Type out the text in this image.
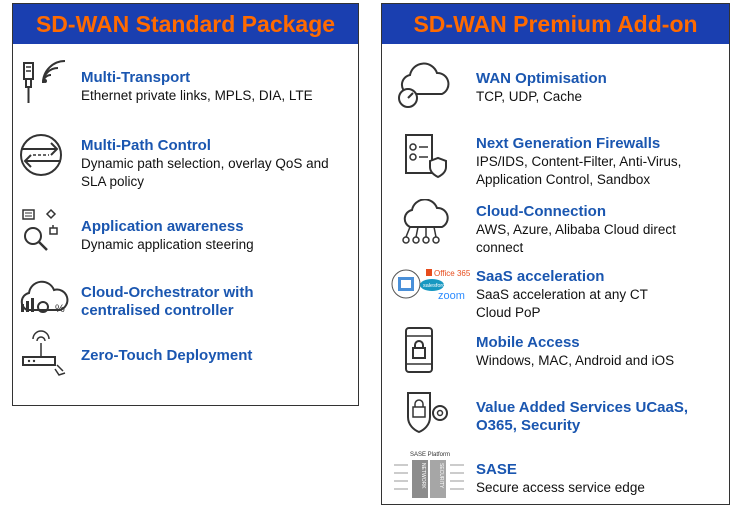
SD-WAN Standard Package
Multi-Transport
Ethernet private links, MPLS, DIA, LTE
Multi-Path Control
Dynamic path selection, overlay QoS and SLA policy
Application awareness
Dynamic application steering
%
Cloud-Orchestrator with centralised controller
Zero-Touch Deployment
SD-WAN Premium Add-on
WAN Optimisation
TCP, UDP, Cache
Next Generation Firewalls
IPS/IDS, Content-Filter, Anti-Virus, Application Control, Sandbox
Cloud-Connection
AWS, Azure, Alibaba Cloud direct connect
Office 365
salesforce
zoom
SaaS acceleration
SaaS acceleration at any CT Cloud PoP
Mobile Access
Windows, MAC, Android and iOS
Value Added Services UCaaS, O365, Security
SASE Platform
NETWORK SECURITY SASE
Secure access service edge
